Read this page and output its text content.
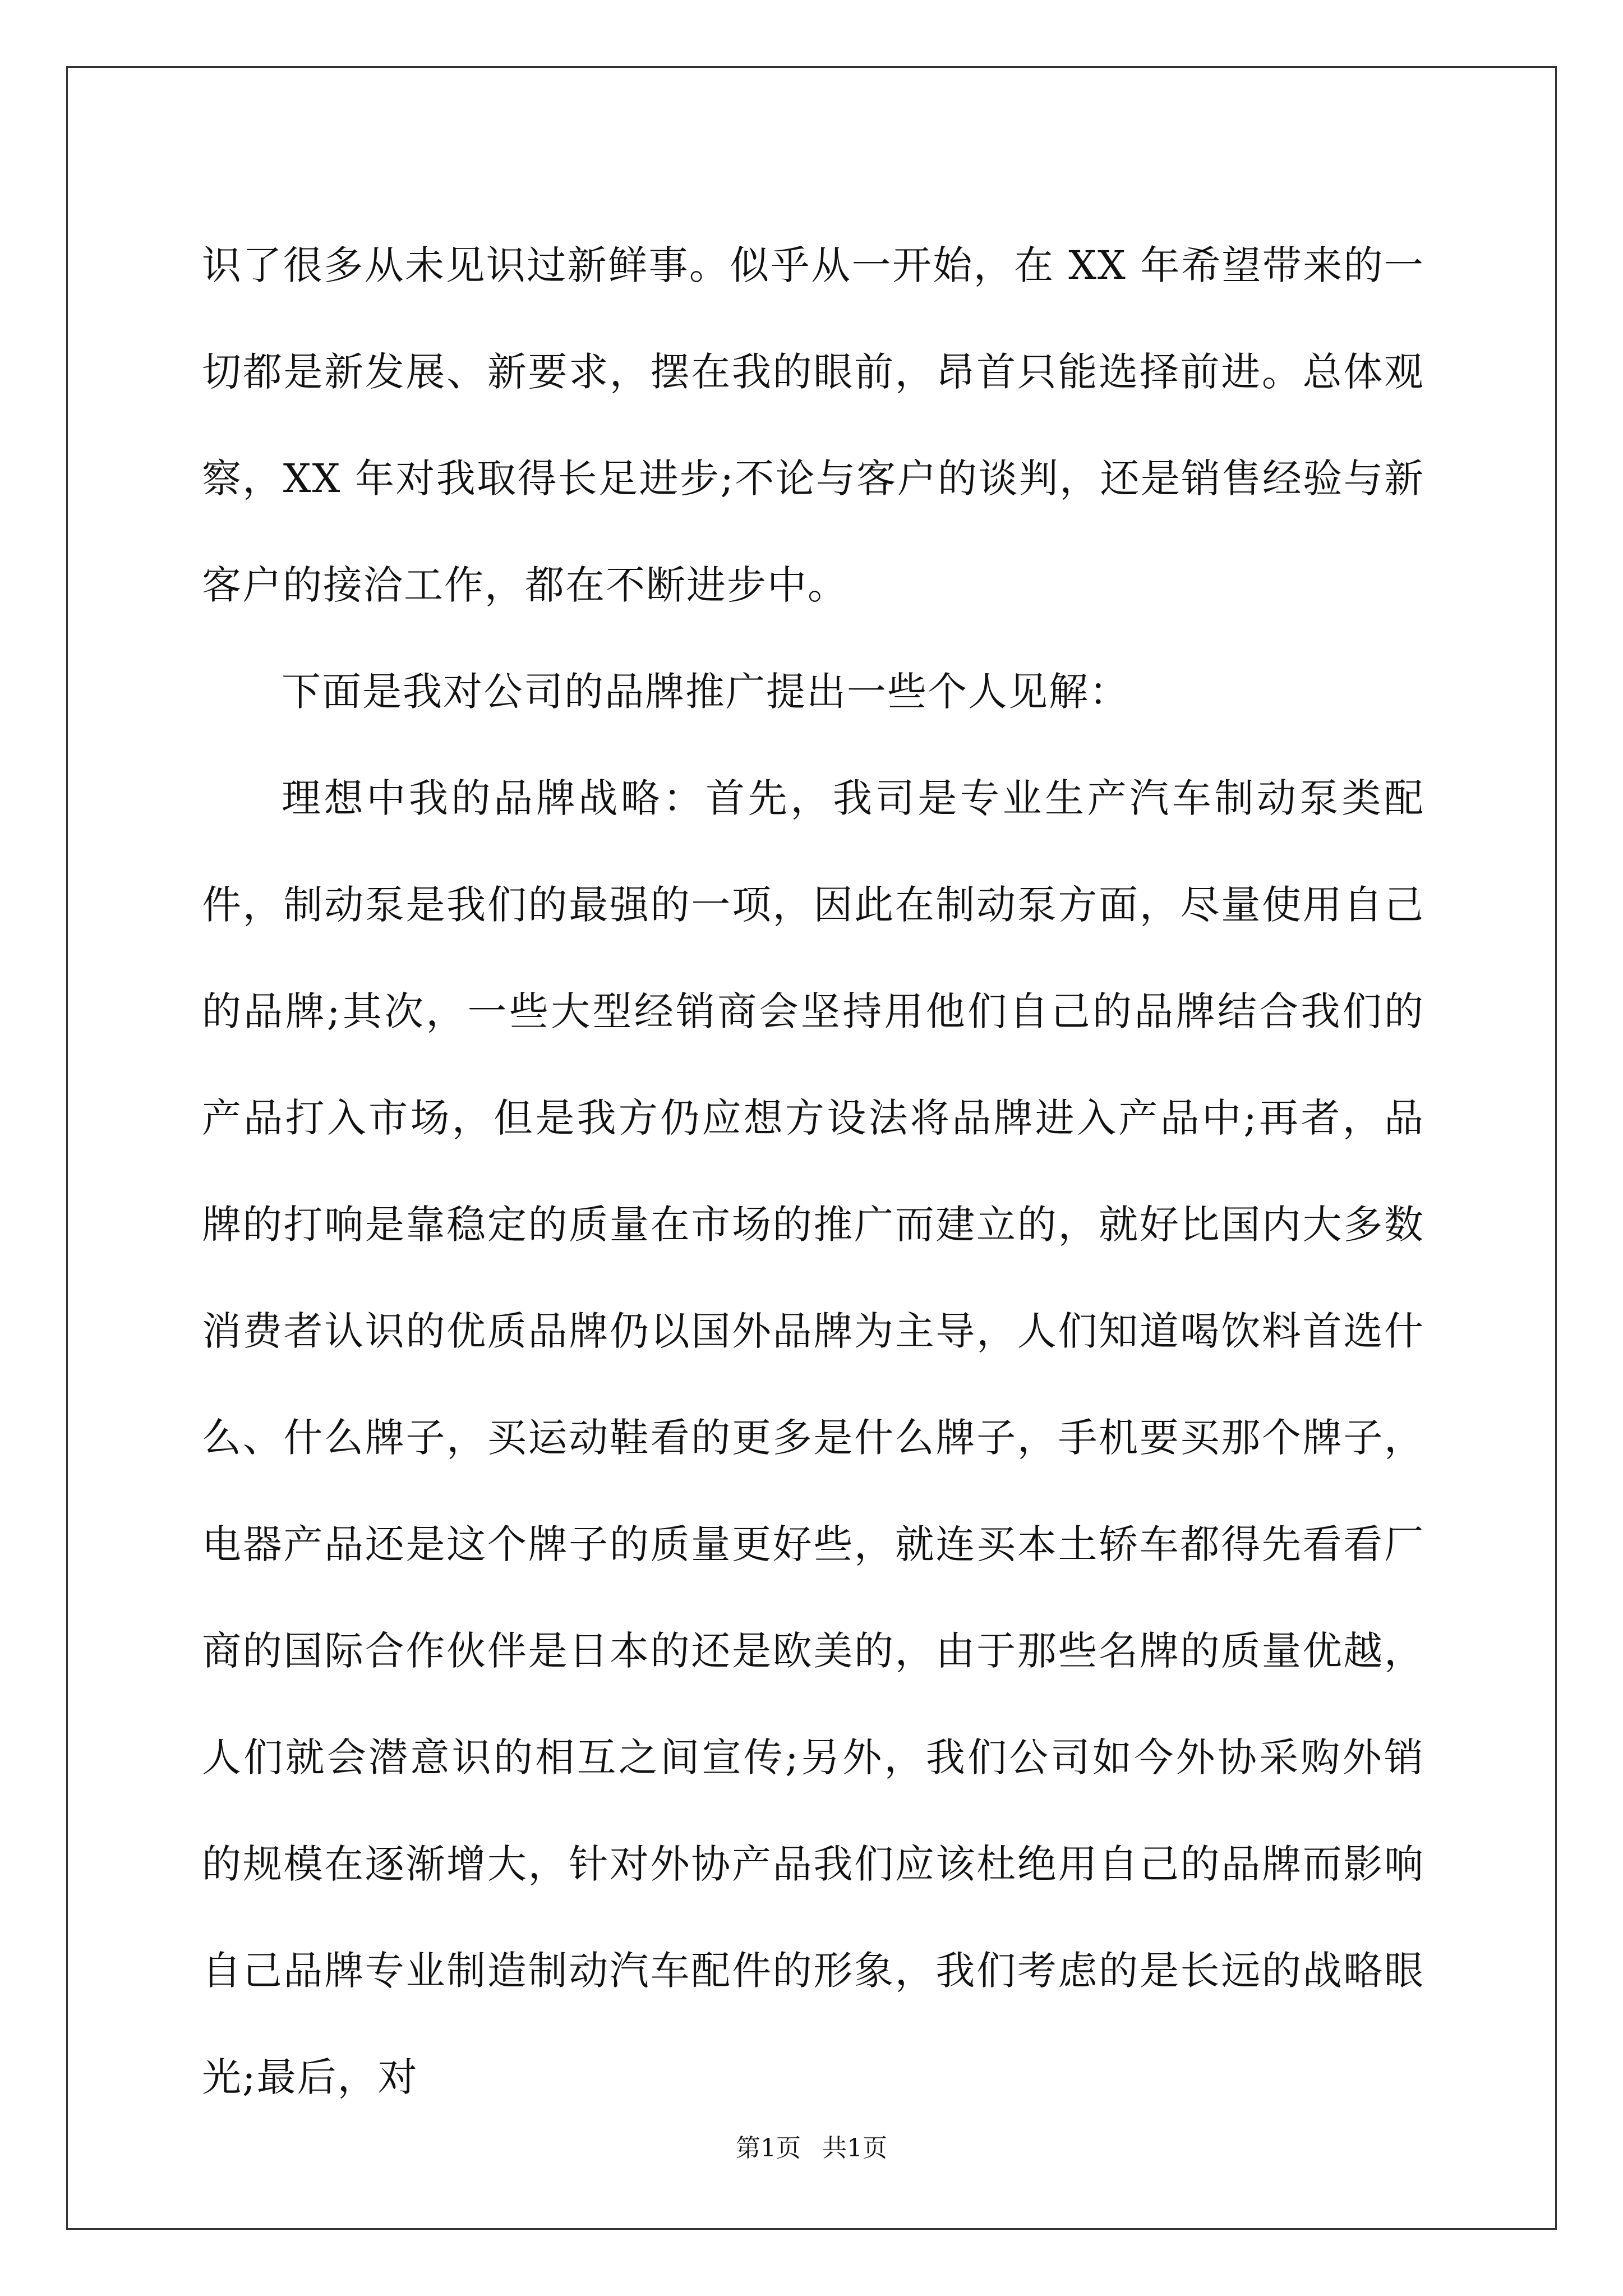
识了很多从未见识过新鲜事。似乎从一开始，在 XX 年希望带来的一切都是新发展、新要求，摆在我的眼前，昂首只能选择前进。总体观察，XX 年对我取得长足进步;不论与客户的谈判，还是销售经验与新客户的接洽工作，都在不断进步中。

下面是我对公司的品牌推广提出一些个人见解：

理想中我的品牌战略：首先，我司是专业生产汽车制动泵类配件，制动泵是我们的最强的一项，因此在制动泵方面，尽量使用自己的品牌;其次，一些大型经销商会坚持用他们自己的品牌结合我们的产品打入市场，但是我方仍应想方设法将品牌进入产品中;再者，品牌的打响是靠稳定的质量在市场的推广而建立的，就好比国内大多数消费者认识的优质品牌仍以国外品牌为主导，人们知道喝饮料首选什么、什么牌子，买运动鞋看的更多是什么牌子，手机要买那个牌子，电器产品还是这个牌子的质量更好些，就连买本土轿车都得先看看厂商的国际合作伙伴是日本的还是欧美的，由于那些名牌的质量优越，人们就会潜意识的相互之间宣传;另外，我们公司如今外协采购外销的规模在逐渐增大，针对外协产品我们应该杜绝用自己的品牌而影响自己品牌专业制造制动汽车配件的形象，我们考虑的是长远的战略眼光;最后，对

第1页 共1页
